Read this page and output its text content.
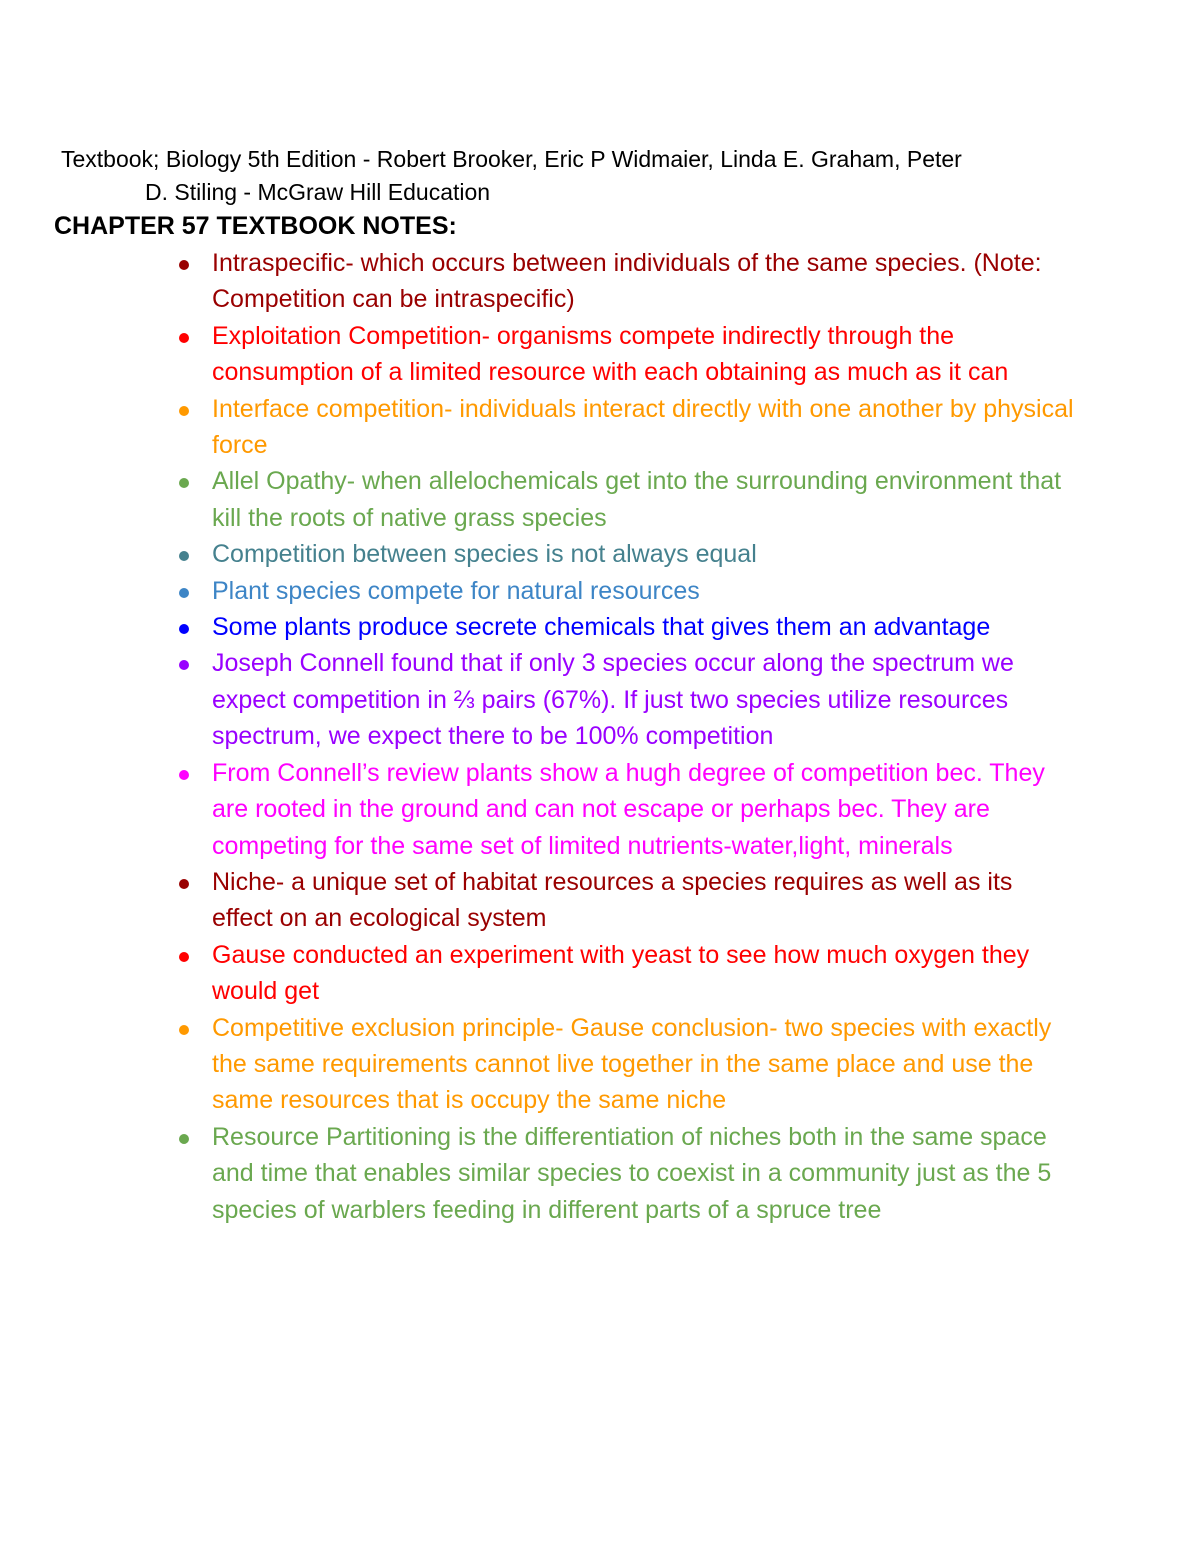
Textbook; Biology 5th Edition - Robert Brooker, Eric P Widmaier, Linda E. Graham, Peter
D. Stiling - McGraw Hill Education
CHAPTER 57 TEXTBOOK NOTES:
Intraspecific- which occurs between individuals of the same species. (Note: Competition can be intraspecific)
Exploitation Competition- organisms compete indirectly through the consumption of a limited resource with each obtaining as much as it can
Interface competition- individuals interact directly with one another by physical force
Allel Opathy- when allelochemicals get into the surrounding environment that kill the roots of native grass species
Competition between species is not always equal
Plant species compete for natural resources
Some plants produce secrete chemicals that gives them an advantage
Joseph Connell found that if only 3 species occur along the spectrum we expect competition in ⅔ pairs (67%). If just two species utilize resources spectrum, we expect there to be 100% competition
From Connell’s review plants show a hugh degree of competition bec. They are rooted in the ground and can not escape or perhaps bec. They are competing for the same set of limited nutrients-water,light, minerals
Niche- a unique set of habitat resources a species requires as well as its effect on an ecological system
Gause conducted an experiment with yeast to see how much oxygen they would get
Competitive exclusion principle- Gause conclusion- two species with exactly the same requirements cannot live together in the same place and use the same resources that is occupy the same niche
Resource Partitioning is the differentiation of niches both in the same space and time that enables similar species to coexist in a community just as the 5 species of warblers feeding in different parts of a spruce tree
